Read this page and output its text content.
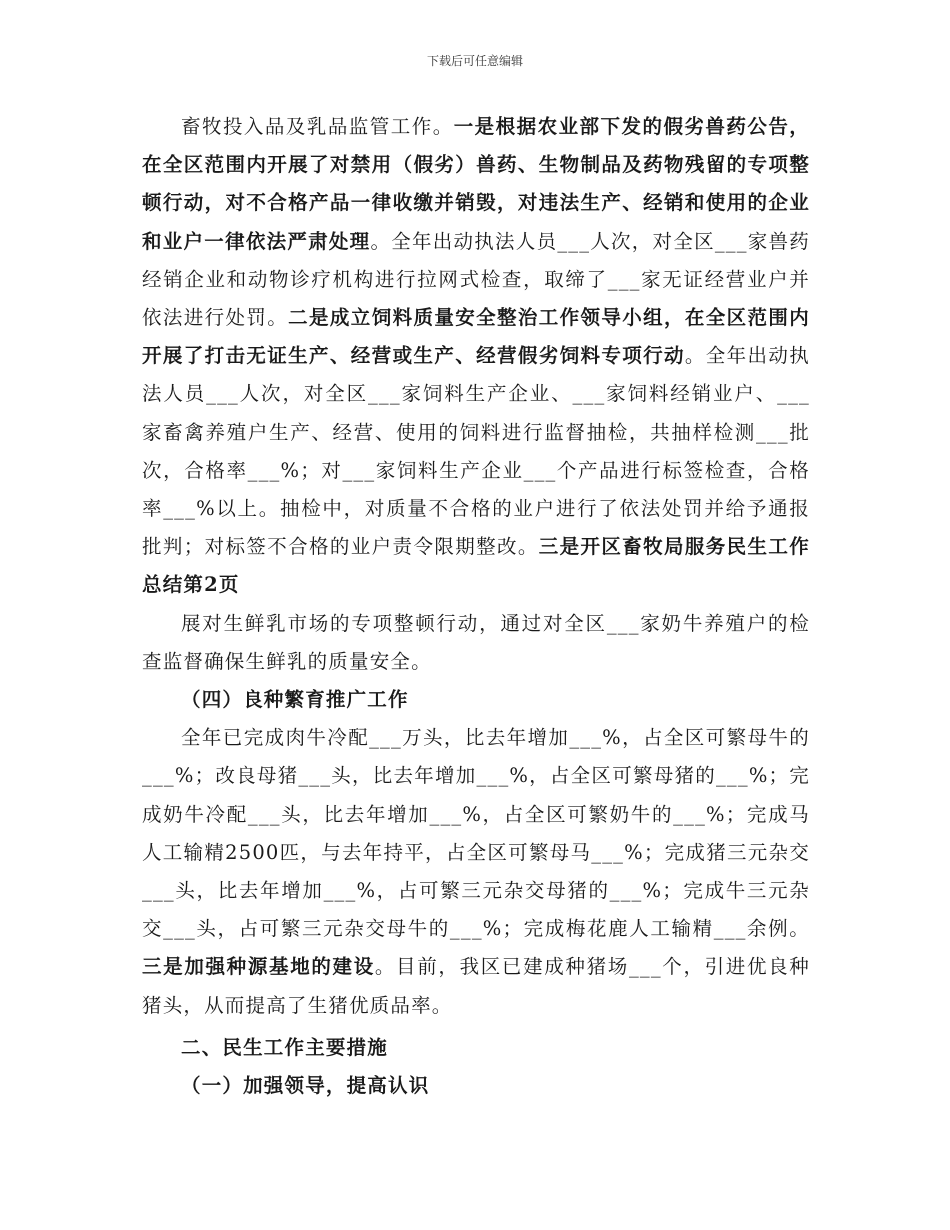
下载后可任意编辑

畜牧投入品及乳品监管工作。一是根据农业部下发的假劣兽药公告，在全区范围内开展了对禁用（假劣）兽药、生物制品及药物残留的专项整顿行动，对不合格产品一律收缴并销毁，对违法生产、经销和使用的企业和业户一律依法严肃处理。全年出动执法人员___人次，对全区___家兽药经销企业和动物诊疗机构进行拉网式检查，取缔了___家无证经营业户并依法进行处罚。二是成立饲料质量安全整治工作领导小组，在全区范围内开展了打击无证生产、经营或生产、经营假劣饲料专项行动。全年出动执法人员___人次，对全区___家饲料生产企业、___家饲料经销业户、___家畜禽养殖户生产、经营、使用的饲料进行监督抽检，共抽样检测___批次，合格率___%；对___家饲料生产企业___个产品进行标签检查，合格率___%以上。抽检中，对质量不合格的业户进行了依法处罚并给予通报批判；对标签不合格的业户责令限期整改。三是开区畜牧局服务民生工作总结第2页

展对生鲜乳市场的专项整顿行动，通过对全区___家奶牛养殖户的检查监督确保生鲜乳的质量安全。

（四）良种繁育推广工作

全年已完成肉牛冷配___万头，比去年增加___%，占全区可繁母牛的___%；改良母猪___头，比去年增加___%，占全区可繁母猪的___%；完成奶牛冷配___头，比去年增加___%，占全区可繁奶牛的___%；完成马人工输精2500匹，与去年持平，占全区可繁母马___%；完成猪三元杂交___头，比去年增加___%，占可繁三元杂交母猪的___%；完成牛三元杂交___头，占可繁三元杂交母牛的___%；完成梅花鹿人工输精___余例。三是加强种源基地的建设。目前，我区已建成种猪场___个，引进优良种猪头，从而提高了生猪优质品率。

二、民生工作主要措施

（一）加强领导，提高认识
